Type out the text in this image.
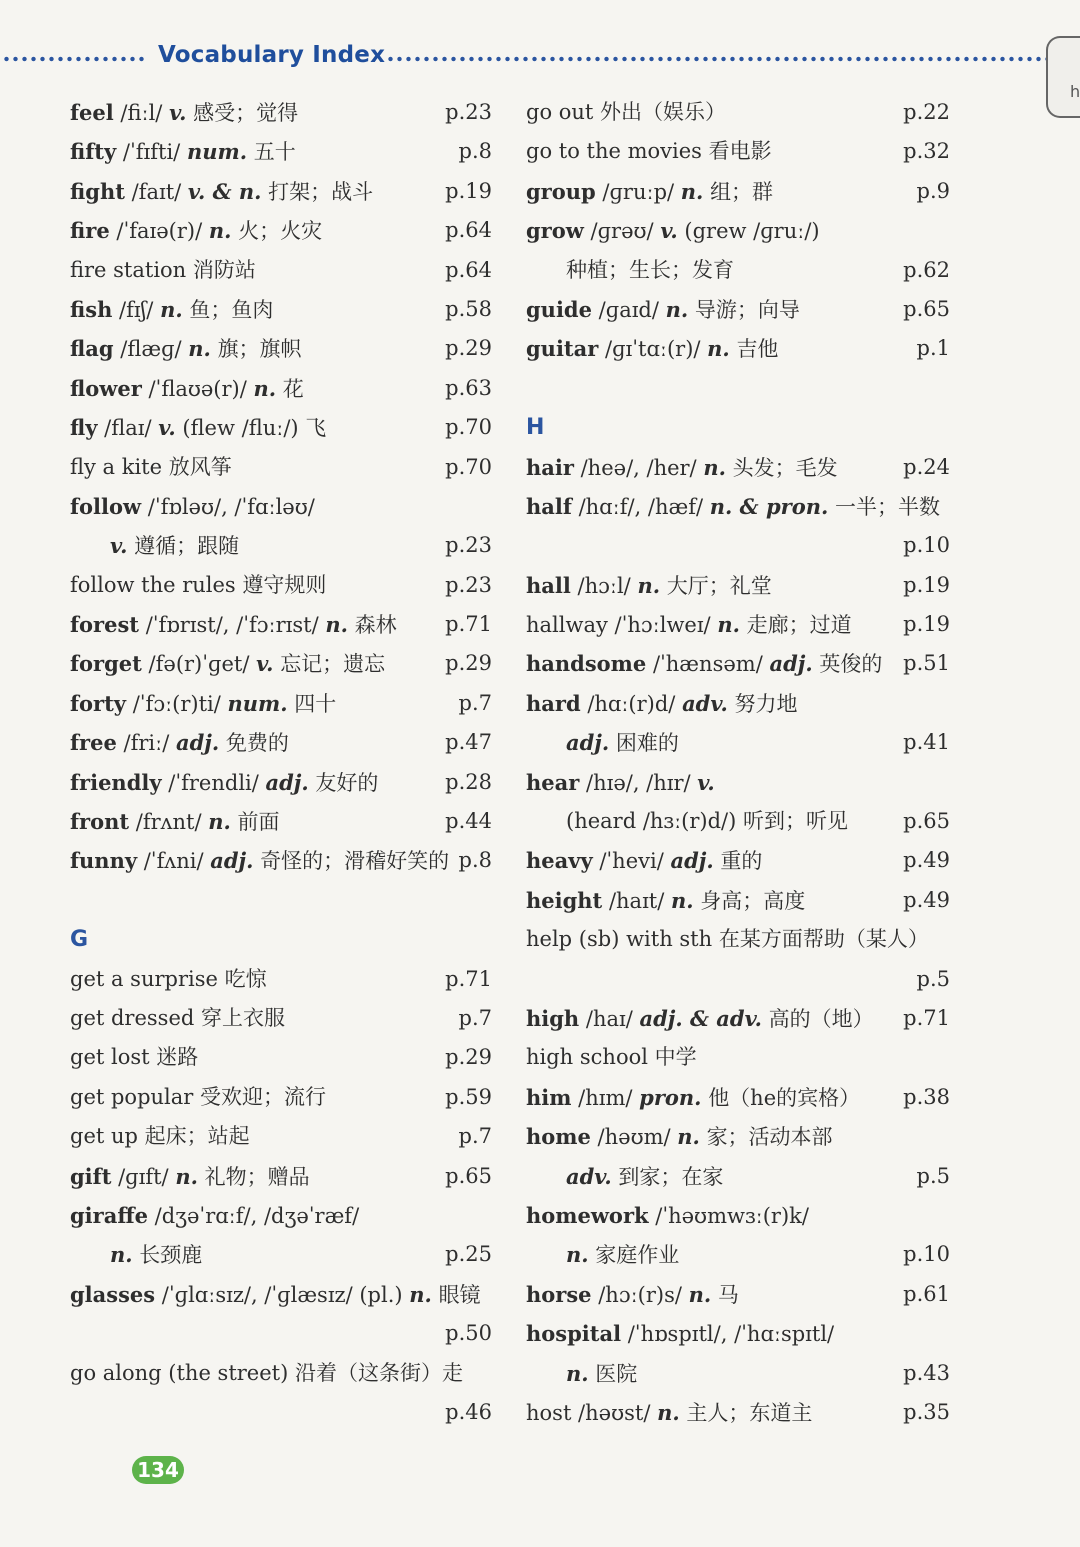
Vocabulary Index
h
feel /fiːl/ v. 感受；觉得	p.23
fifty /ˈfɪfti/ num. 五十	p.8
fight /faɪt/ v. & n. 打架；战斗	p.19
fire /ˈfaɪə(r)/ n. 火；火灾	p.64
fire station 消防站	p.64
fish /fɪʃ/ n. 鱼；鱼肉	p.58
flag /flæɡ/ n. 旗；旗帜	p.29
flower /ˈflaʊə(r)/ n. 花	p.63
fly /flaɪ/ v. (flew /fluː/) 飞	p.70
fly a kite 放风筝	p.70
follow /ˈfɒləʊ/, /ˈfɑːləʊ/
v. 遵循；跟随	p.23
follow the rules 遵守规则	p.23
forest /ˈfɒrɪst/, /ˈfɔːrɪst/ n. 森林 p.71
forget /fə(r)ˈɡet/ v. 忘记；遗忘	p.29
forty /ˈfɔː(r)ti/ num. 四十	p.7
free /friː/ adj. 免费的	p.47
friendly /ˈfrendli/ adj. 友好的	p.28
front /frʌnt/ n. 前面	p.44
funny /ˈfʌni/ adj. 奇怪的；滑稽好笑的 p.8
G
get a surprise 吃惊	p.71
get dressed 穿上衣服	p.7
get lost 迷路	p.29
get popular 受欢迎；流行	p.59
get up 起床；站起	p.7
gift /ɡɪft/ n. 礼物；赠品	p.65
giraffe /dʒəˈrɑːf/, /dʒəˈræf/
n. 长颈鹿	p.25
glasses /ˈɡlɑːsɪz/, /ˈɡlæsɪz/ (pl.) n. 眼镜
p.50
go along (the street) 沿着（这条街）走
p.46
go out 外出（娱乐）	p.22
go to the movies 看电影	p.32
group /ɡruːp/ n. 组；群	p.9
grow /ɡrəʊ/ v. (grew /ɡruː/)
种植；生长；发育	p.62
guide /ɡaɪd/ n. 导游；向导	p.65
guitar /ɡɪˈtɑː(r)/ n. 吉他	p.1
H
hair /heə/, /her/ n. 头发；毛发	p.24
half /hɑːf/, /hæf/ n. & pron. 一半；半数
p.10
hall /hɔːl/ n. 大厅；礼堂	p.19
hallway /ˈhɔːlweɪ/ n. 走廊；过道 p.19
handsome /ˈhænsəm/ adj. 英俊的 p.51
hard /hɑː(r)d/ adv. 努力地
adj. 困难的	p.41
hear /hɪə/, /hɪr/ v.
(heard /hɜː(r)d/) 听到；听见	p.65
heavy /ˈhevi/ adj. 重的	p.49
height /haɪt/ n. 身高；高度	p.49
help (sb) with sth 在某方面帮助（某人）
p.5
high /haɪ/ adj. & adv. 高的（地） p.71
high school 中学
him /hɪm/ pron. 他（he的宾格） p.38
home /həʊm/ n. 家；活动本部
adv. 到家；在家	p.5
homework /ˈhəʊmwɜː(r)k/
n. 家庭作业	p.10
horse /hɔː(r)s/ n. 马	p.61
hospital /ˈhɒspɪtl/, /ˈhɑːspɪtl/
n. 医院	p.43
host /həʊst/ n. 主人；东道主	p.35
134
